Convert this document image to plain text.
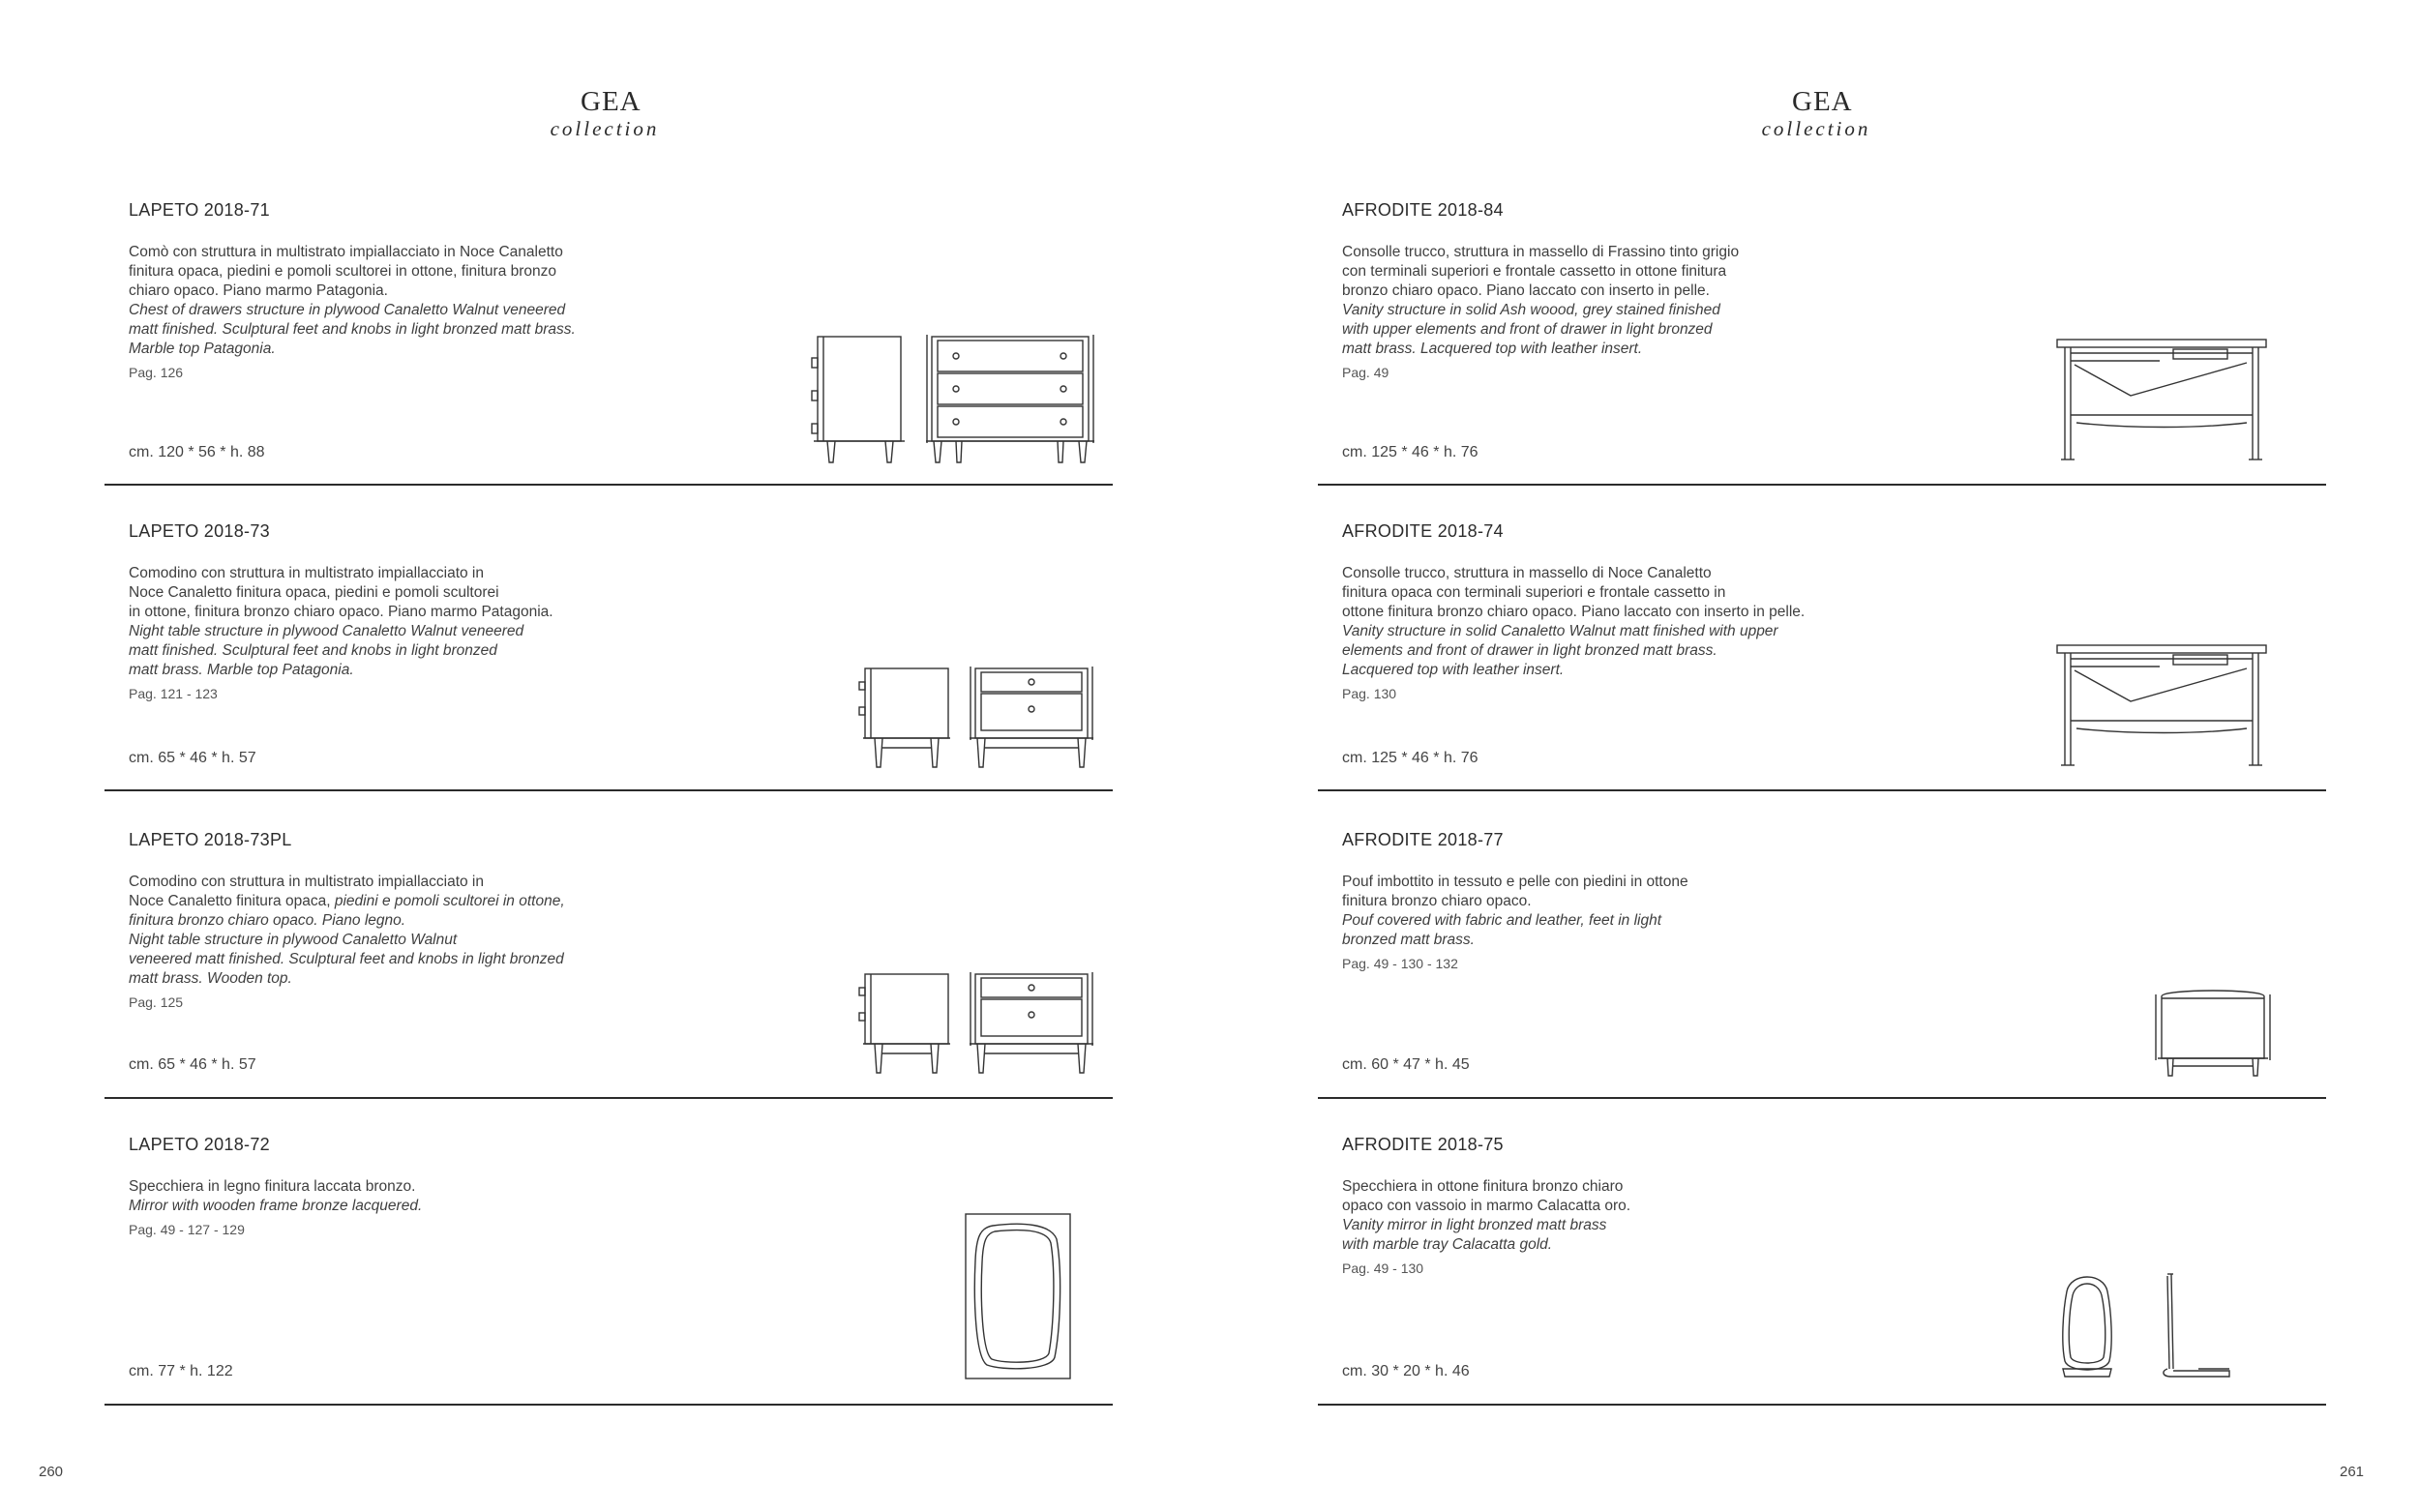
GEA
collection
LAPETO 2018-71
Comò con struttura in multistrato impiallacciato in Noce Canaletto
finitura opaca, piedini e pomoli scultorei in ottone, finitura bronzo
chiaro opaco. Piano marmo Patagonia.
Chest of drawers structure in plywood Canaletto Walnut veneered
matt finished. Sculptural feet and knobs in light bronzed matt brass.
Marble top Patagonia.
Pag. 126
cm. 120 * 56 * h. 88
LAPETO 2018-73
Comodino con struttura in multistrato impiallacciato in
Noce Canaletto finitura opaca, piedini e pomoli scultorei
in ottone, finitura bronzo chiaro opaco. Piano marmo Patagonia.
Night table structure in plywood Canaletto Walnut veneered
matt finished. Sculptural feet and knobs in light bronzed
matt brass. Marble top Patagonia.
Pag. 121 - 123
cm. 65 * 46 * h. 57
LAPETO 2018-73PL
Comodino con struttura in multistrato impiallacciato in
Noce Canaletto finitura opaca, piedini e pomoli scultorei in ottone,
finitura bronzo chiaro opaco. Piano legno.
Night table structure in plywood Canaletto Walnut
veneered matt finished. Sculptural feet and knobs in light bronzed
matt brass. Wooden top.
Pag. 125
cm. 65 * 46 * h. 57
LAPETO 2018-72
Specchiera in legno finitura laccata bronzo.
Mirror with wooden frame bronze lacquered.
Pag. 49 - 127 - 129
cm. 77 * h. 122
260
GEA
collection
AFRODITE 2018-84
Consolle trucco, struttura in massello di Frassino tinto grigio
con terminali superiori e frontale cassetto in ottone finitura
bronzo chiaro opaco. Piano laccato con inserto in pelle.
Vanity structure in solid Ash woood, grey stained finished
with upper elements and front of drawer in light bronzed
matt brass. Lacquered top with leather insert.
Pag. 49
cm. 125 * 46 * h. 76
AFRODITE 2018-74
Consolle trucco, struttura in massello di Noce Canaletto
finitura opaca con terminali superiori e frontale cassetto in
ottone finitura bronzo chiaro opaco. Piano laccato con inserto in pelle.
Vanity structure in solid Canaletto Walnut matt finished with upper
elements and front of drawer in light bronzed matt brass.
Lacquered top with leather insert.
Pag. 130
cm. 125 * 46 * h. 76
AFRODITE 2018-77
Pouf imbottito in tessuto e pelle con piedini in ottone
finitura bronzo chiaro opaco.
Pouf covered with fabric and leather, feet in light
bronzed matt brass.
Pag. 49 - 130 - 132
cm. 60 * 47 * h. 45
AFRODITE 2018-75
Specchiera in ottone finitura bronzo chiaro
opaco con vassoio in marmo Calacatta oro.
Vanity mirror in light bronzed matt brass
with marble tray Calacatta gold.
Pag. 49 - 130
cm. 30 * 20 * h. 46
261
